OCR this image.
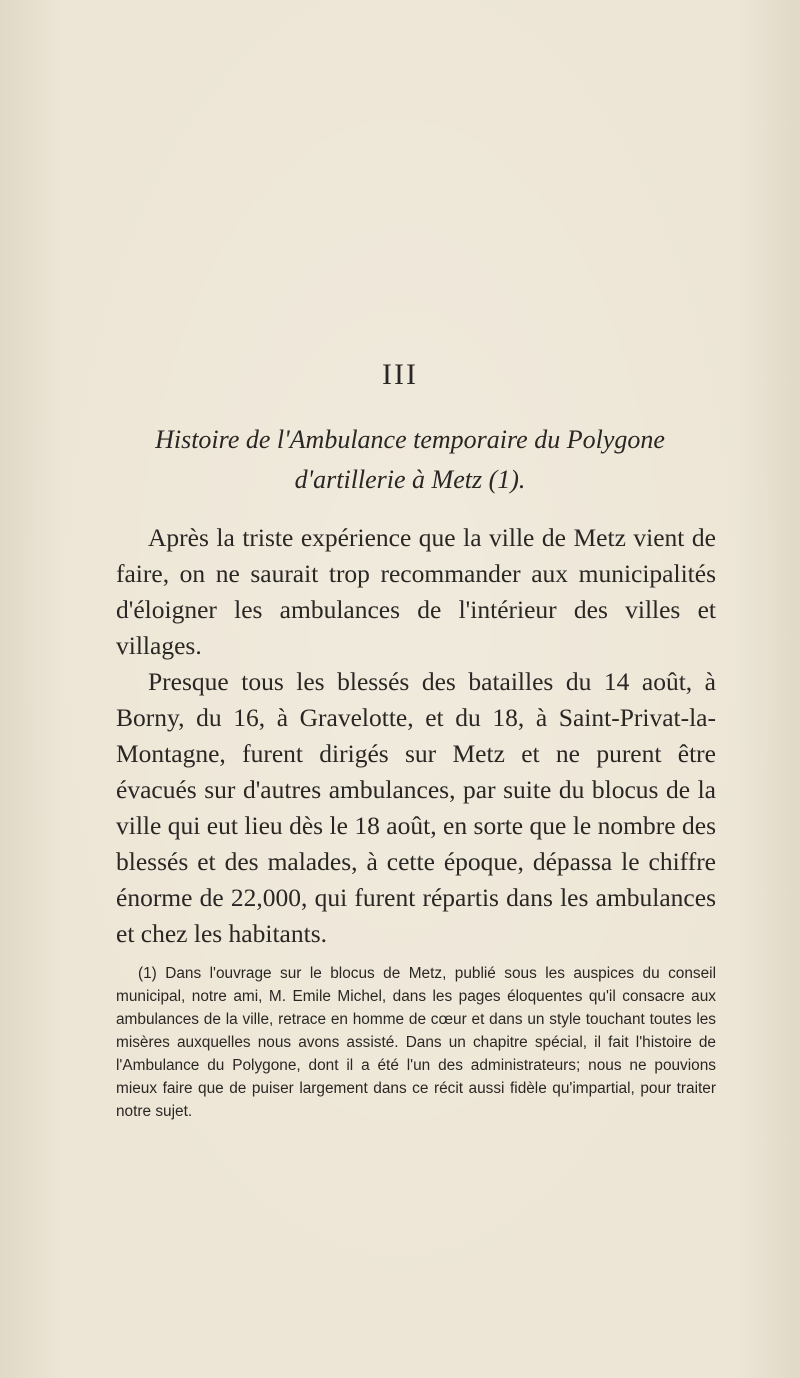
III
Histoire de l'Ambulance temporaire du Polygone
d'artillerie à Metz (1).

Après la triste expérience que la ville de Metz vient de faire, on ne saurait trop recommander aux municipalités d'éloigner les ambulances de l'intérieur des villes et villages.

Presque tous les blessés des batailles du 14 août, à Borny, du 16, à Gravelotte, et du 18, à Saint-Privat-la-Montagne, furent dirigés sur Metz et ne purent être évacués sur d'autres ambulances, par suite du blocus de la ville qui eut lieu dès le 18 août, en sorte que le nombre des blessés et des malades, à cette époque, dépassa le chiffre énorme de 22,000, qui furent répartis dans les ambulances et chez les habitants.

(1) Dans l'ouvrage sur le blocus de Metz, publié sous les auspices du conseil municipal, notre ami, M. Emile Michel, dans les pages éloquentes qu'il consacre aux ambulances de la ville, retrace en homme de cœur et dans un style touchant toutes les misères auxquelles nous avons assisté. Dans un chapitre spécial, il fait l'histoire de l'Ambulance du Polygone, dont il a été l'un des administrateurs; nous ne pouvions mieux faire que de puiser largement dans ce récit aussi fidèle qu'impartial, pour traiter notre sujet.
